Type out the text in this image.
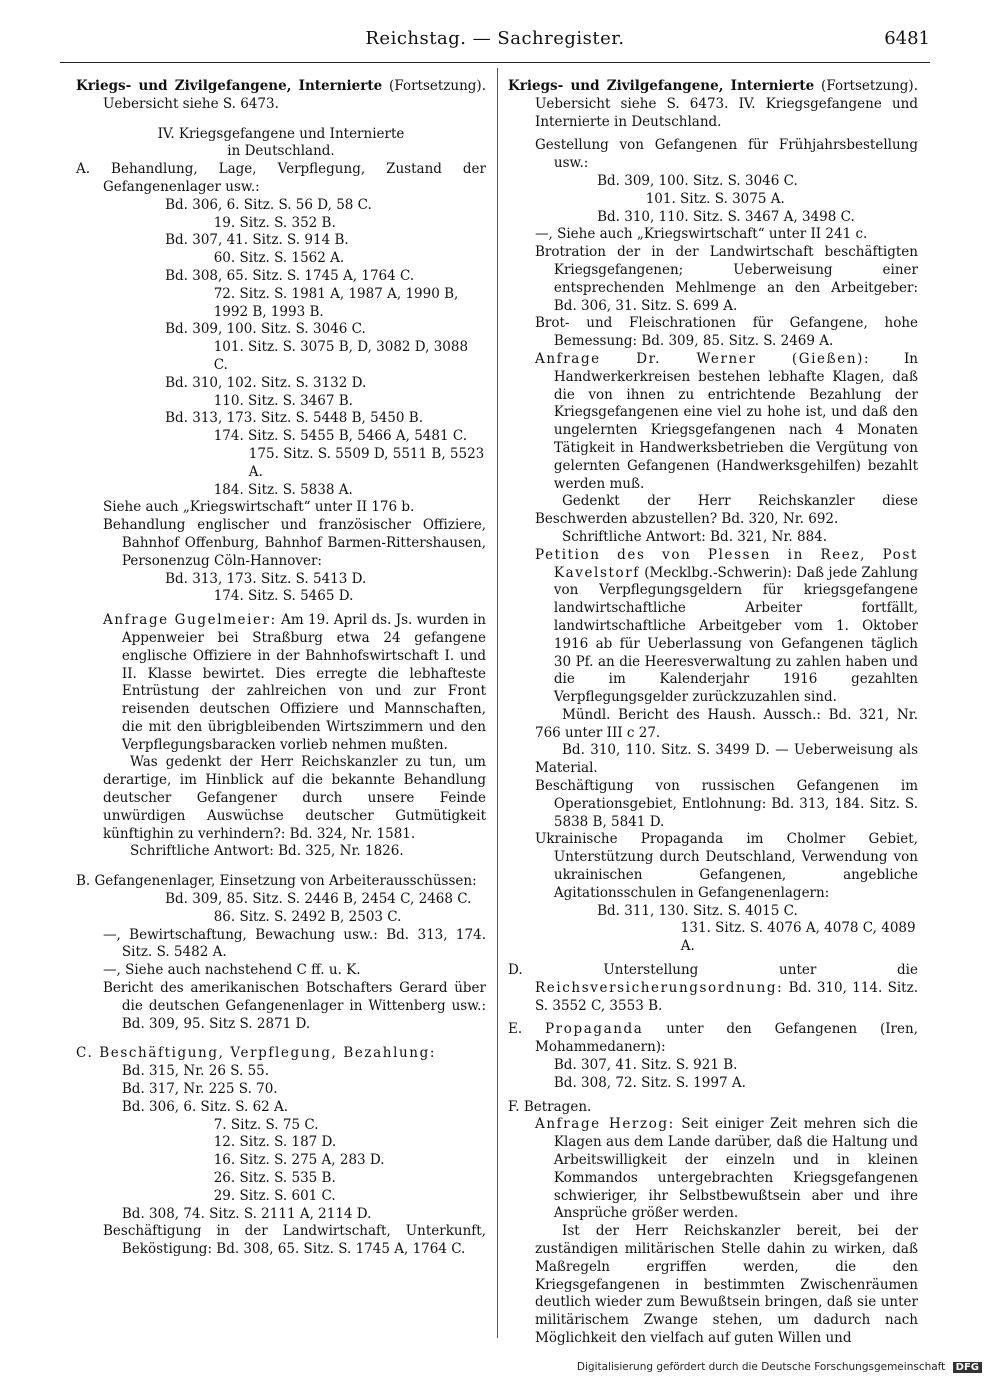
Reichstag. — Sachregister.	6481
Kriegs- und Zivilgefangene, Internierte (Fortsetzung). Uebersicht siehe S. 6473.
IV. Kriegsgefangene und Internierte
in Deutschland.
A. Behandlung, Lage, Verpflegung, Zustand der Gefangenenlager usw.:
Bd. 306, 6. Sitz. S. 56 D, 58 C.
19. Sitz. S. 352 B.
Bd. 307, 41. Sitz. S. 914 B.
60. Sitz. S. 1562 A.
Bd. 308, 65. Sitz. S. 1745 A, 1764 C.
72. Sitz. S. 1981 A, 1987 A, 1990 B, 1992 B, 1993 B.
Bd. 309, 100. Sitz. S. 3046 C.
101. Sitz. S. 3075 B, D, 3082 D, 3088 C.
Bd. 310, 102. Sitz. S. 3132 D.
110. Sitz. S. 3467 B.
Bd. 313, 173. Sitz. S. 5448 B, 5450 B.
174. Sitz. S. 5455 B, 5466 A, 5481 C.
175. Sitz. S. 5509 D, 5511 B, 5523 A.
184. Sitz. S. 5838 A.
Siehe auch „Kriegswirtschaft“ unter II 176 b.
Behandlung englischer und französischer Offiziere, Bahnhof Offenburg, Bahnhof Barmen-Rittershausen, Personenzug Cöln-Hannover:
Bd. 313, 173. Sitz. S. 5413 D.
174. Sitz. S. 5465 D.
Anfrage Gugelmeier: Am 19. April ds. Js. wurden in Appenweier bei Straßburg etwa 24 gefangene englische Offiziere in der Bahnhofswirtschaft I. und II. Klasse bewirtet. Dies erregte die lebhafteste Entrüstung der zahlreichen von und zur Front reisenden deutschen Offiziere und Mannschaften, die mit den übrigbleibenden Wirtszimmern und den Verpflegungsbaracken vorlieb nehmen mußten.
Was gedenkt der Herr Reichskanzler zu tun, um derartige, im Hinblick auf die bekannte Behandlung deutscher Gefangener durch unsere Feinde unwürdigen Auswüchse deutscher Gutmütigkeit künftighin zu verhindern?: Bd. 324, Nr. 1581.
Schriftliche Antwort: Bd. 325, Nr. 1826.
B. Gefangenenlager, Einsetzung von Arbeiterausschüssen:
Bd. 309, 85. Sitz. S. 2446 B, 2454 C, 2468 C.
86. Sitz. S. 2492 B, 2503 C.
—, Bewirtschaftung, Bewachung usw.: Bd. 313, 174. Sitz. S. 5482 A.
—, Siehe auch nachstehend C ff. u. K.
Bericht des amerikanischen Botschafters Gerard über die deutschen Gefangenenlager in Wittenberg usw.: Bd. 309, 95. Sitz S. 2871 D.
C. Beschäftigung, Verpflegung, Bezahlung:
Bd. 315, Nr. 26 S. 55.
Bd. 317, Nr. 225 S. 70.
Bd. 306, 6. Sitz. S. 62 A.
7. Sitz. S. 75 C.
12. Sitz. S. 187 D.
16. Sitz. S. 275 A, 283 D.
26. Sitz. S. 535 B.
29. Sitz. S. 601 C.
Bd. 308, 74. Sitz. S. 2111 A, 2114 D.
Beschäftigung in der Landwirtschaft, Unterkunft, Beköstigung: Bd. 308, 65. Sitz. S. 1745 A, 1764 C.
Kriegs- und Zivilgefangene, Internierte (Fortsetzung). Uebersicht siehe S. 6473. IV. Kriegsgefangene und Internierte in Deutschland.
Gestellung von Gefangenen für Frühjahrsbestellung usw.:
Bd. 309, 100. Sitz. S. 3046 C.
101. Sitz. S. 3075 A.
Bd. 310, 110. Sitz. S. 3467 A, 3498 C.
—, Siehe auch „Kriegswirtschaft“ unter II 241 c.
Brotration der in der Landwirtschaft beschäftigten Kriegsgefangenen; Ueberweisung einer entsprechenden Mehlmenge an den Arbeitgeber: Bd. 306, 31. Sitz. S. 699 A.
Brot- und Fleischrationen für Gefangene, hohe Bemessung: Bd. 309, 85. Sitz. S. 2469 A.
Anfrage Dr. Werner (Gießen): In Handwerkerkreisen bestehen lebhafte Klagen, daß die von ihnen zu entrichtende Bezahlung der Kriegsgefangenen eine viel zu hohe ist, und daß den ungelernten Kriegsgefangenen nach 4 Monaten Tätigkeit in Handwerksbetrieben die Vergütung von gelernten Gefangenen (Handwerksgehilfen) bezahlt werden muß.
Gedenkt der Herr Reichskanzler diese Beschwerden abzustellen? Bd. 320, Nr. 692.
Schriftliche Antwort: Bd. 321, Nr. 884.
Petition des von Plessen in Reez, Post Kavelstorf (Mecklbg.-Schwerin): Daß jede Zahlung von Verpflegungsgeldern für kriegsgefangene landwirtschaftliche Arbeiter fortfällt, landwirtschaftliche Arbeitgeber vom 1. Oktober 1916 ab für Ueberlassung von Gefangenen täglich 30 Pf. an die Heeresverwaltung zu zahlen haben und die im Kalenderjahr 1916 gezahlten Verpflegungsgelder zurückzuzahlen sind.
Mündl. Bericht des Haush. Aussch.: Bd. 321, Nr. 766 unter III c 27.
Bd. 310, 110. Sitz. S. 3499 D. — Ueberweisung als Material.
Beschäftigung von russischen Gefangenen im Operationsgebiet, Entlohnung: Bd. 313, 184. Sitz. S. 5838 B, 5841 D.
Ukrainische Propaganda im Cholmer Gebiet, Unterstützung durch Deutschland, Verwendung von ukrainischen Gefangenen, angebliche Agitationsschulen in Gefangenenlagern:
Bd. 311, 130. Sitz. S. 4015 C.
131. Sitz. S. 4076 A, 4078 C, 4089 A.
D. Unterstellung unter die Reichsversicherungsordnung: Bd. 310, 114. Sitz. S. 3552 C, 3553 B.
E. Propaganda unter den Gefangenen (Iren, Mohammedanern):
Bd. 307, 41. Sitz. S. 921 B.
Bd. 308, 72. Sitz. S. 1997 A.
F. Betragen.
Anfrage Herzog: Seit einiger Zeit mehren sich die Klagen aus dem Lande darüber, daß die Haltung und Arbeitswilligkeit der einzeln und in kleinen Kommandos untergebrachten Kriegsgefangenen schwieriger, ihr Selbstbewußtsein aber und ihre Ansprüche größer werden.
Ist der Herr Reichskanzler bereit, bei der zuständigen militärischen Stelle dahin zu wirken, daß Maßregeln ergriffen werden, die den Kriegsgefangenen in bestimmten Zwischenräumen deutlich wieder zum Bewußtsein bringen, daß sie unter militärischem Zwange stehen, um dadurch nach Möglichkeit den vielfach auf guten Willen und
Digitalisierung gefördert durch die Deutsche Forschungsgemeinschaft DFG
